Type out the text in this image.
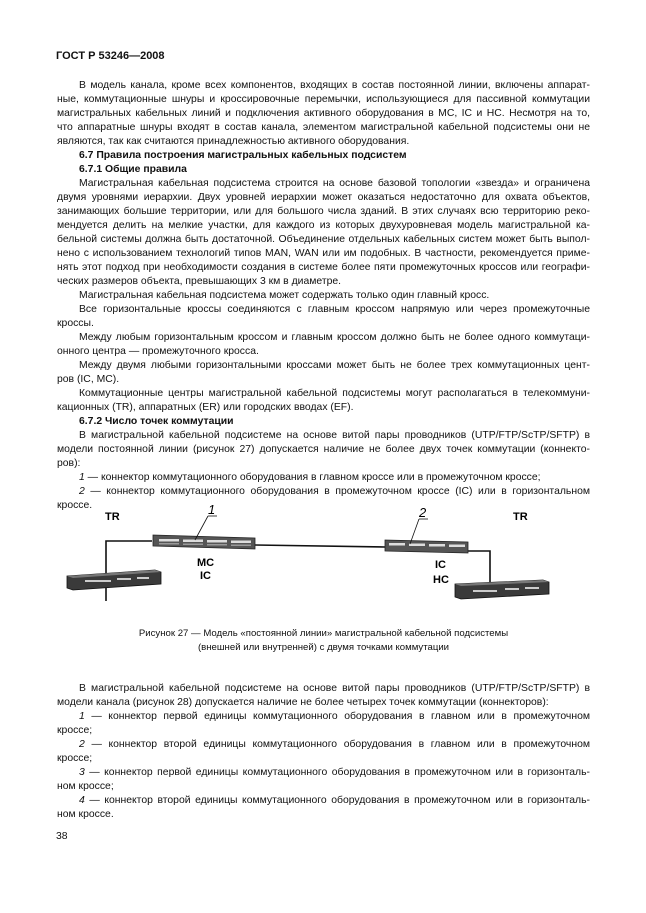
ГОСТ Р 53246—2008
В модель канала, кроме всех компонентов, входящих в состав постоянной линии, включены аппарат-
ные, коммутационные шнуры и кроссировочные перемычки, использующиеся для пассивной коммутации
магистральных кабельных линий и подключения активного оборудования в МС, IC и НС. Несмотря на то,
что аппаратные шнуры входят в состав канала, элементом магистральной кабельной подсистемы они не
являются, так как считаются принадлежностью активного оборудования.
6.7 Правила построения магистральных кабельных подсистем
6.7.1 Общие правила
Магистральная кабельная подсистема строится на основе базовой топологии «звезда» и ограничена
двумя уровнями иерархии. Двух уровней иерархии может оказаться недостаточно для охвата объектов,
занимающих большие территории, или для большого числа зданий. В этих случаях всю территорию реко-
мендуется делить на мелкие участки, для каждого из которых двухуровневая модель магистральной ка-
бельной системы должна быть достаточной. Объединение отдельных кабельных систем может быть выпол-
нено с использованием технологий типов MAN, WAN или им подобных. В частности, рекомендуется приме-
нять этот подход при необходимости создания в системе более пяти промежуточных кроссов или географи-
ческих размеров объекта, превышающих 3 км в диаметре.
Магистральная кабельная подсистема может содержать только один главный кросс.
Все горизонтальные кроссы соединяются с главным кроссом напрямую или через промежуточные
кроссы.
Между любым горизонтальным кроссом и главным кроссом должно быть не более одного коммутаци-
онного центра — промежуточного кросса.
Между двумя любыми горизонтальными кроссами может быть не более трех коммутационных цент-
ров (IC, MC).
Коммутационные центры магистральной кабельной подсистемы могут располагаться в телекоммуни-
кационных (TR), аппаратных (ER) или городских вводах (EF).
6.7.2 Число точек коммутации
В магистральной кабельной подсистеме на основе витой пары проводников (UTP/FTP/ScTP/SFTP) в
модели постоянной линии (рисунок 27) допускается наличие не более двух точек коммутации (коннекто-
ров):
1 — коннектор коммутационного оборудования в главном кроссе или в промежуточном кроссе;
2 — коннектор коммутационного оборудования в промежуточном кроссе (IC) или в горизонтальном
кроссе.
TR	TR
1	2
MC
IC
IC
HC
Рисунок 27 — Модель «постоянной линии» магистральной кабельной подсистемы
(внешней или внутренней) с двумя точками коммутации
В магистральной кабельной подсистеме на основе витой пары проводников (UTP/FTP/ScTP/SFTP) в
модели канала (рисунок 28) допускается наличие не более четырех точек коммутации (коннекторов):
1 — коннектор первой единицы коммутационного оборудования в главном или в промежуточном
кроссе;
2 — коннектор второй единицы коммутационного оборудования в главном или в промежуточном
кроссе;
3 — коннектор первой единицы коммутационного оборудования в промежуточном или в горизонталь-
ном кроссе;
4 — коннектор второй единицы коммутационного оборудования в промежуточном или в горизонталь-
ном кроссе.
38
